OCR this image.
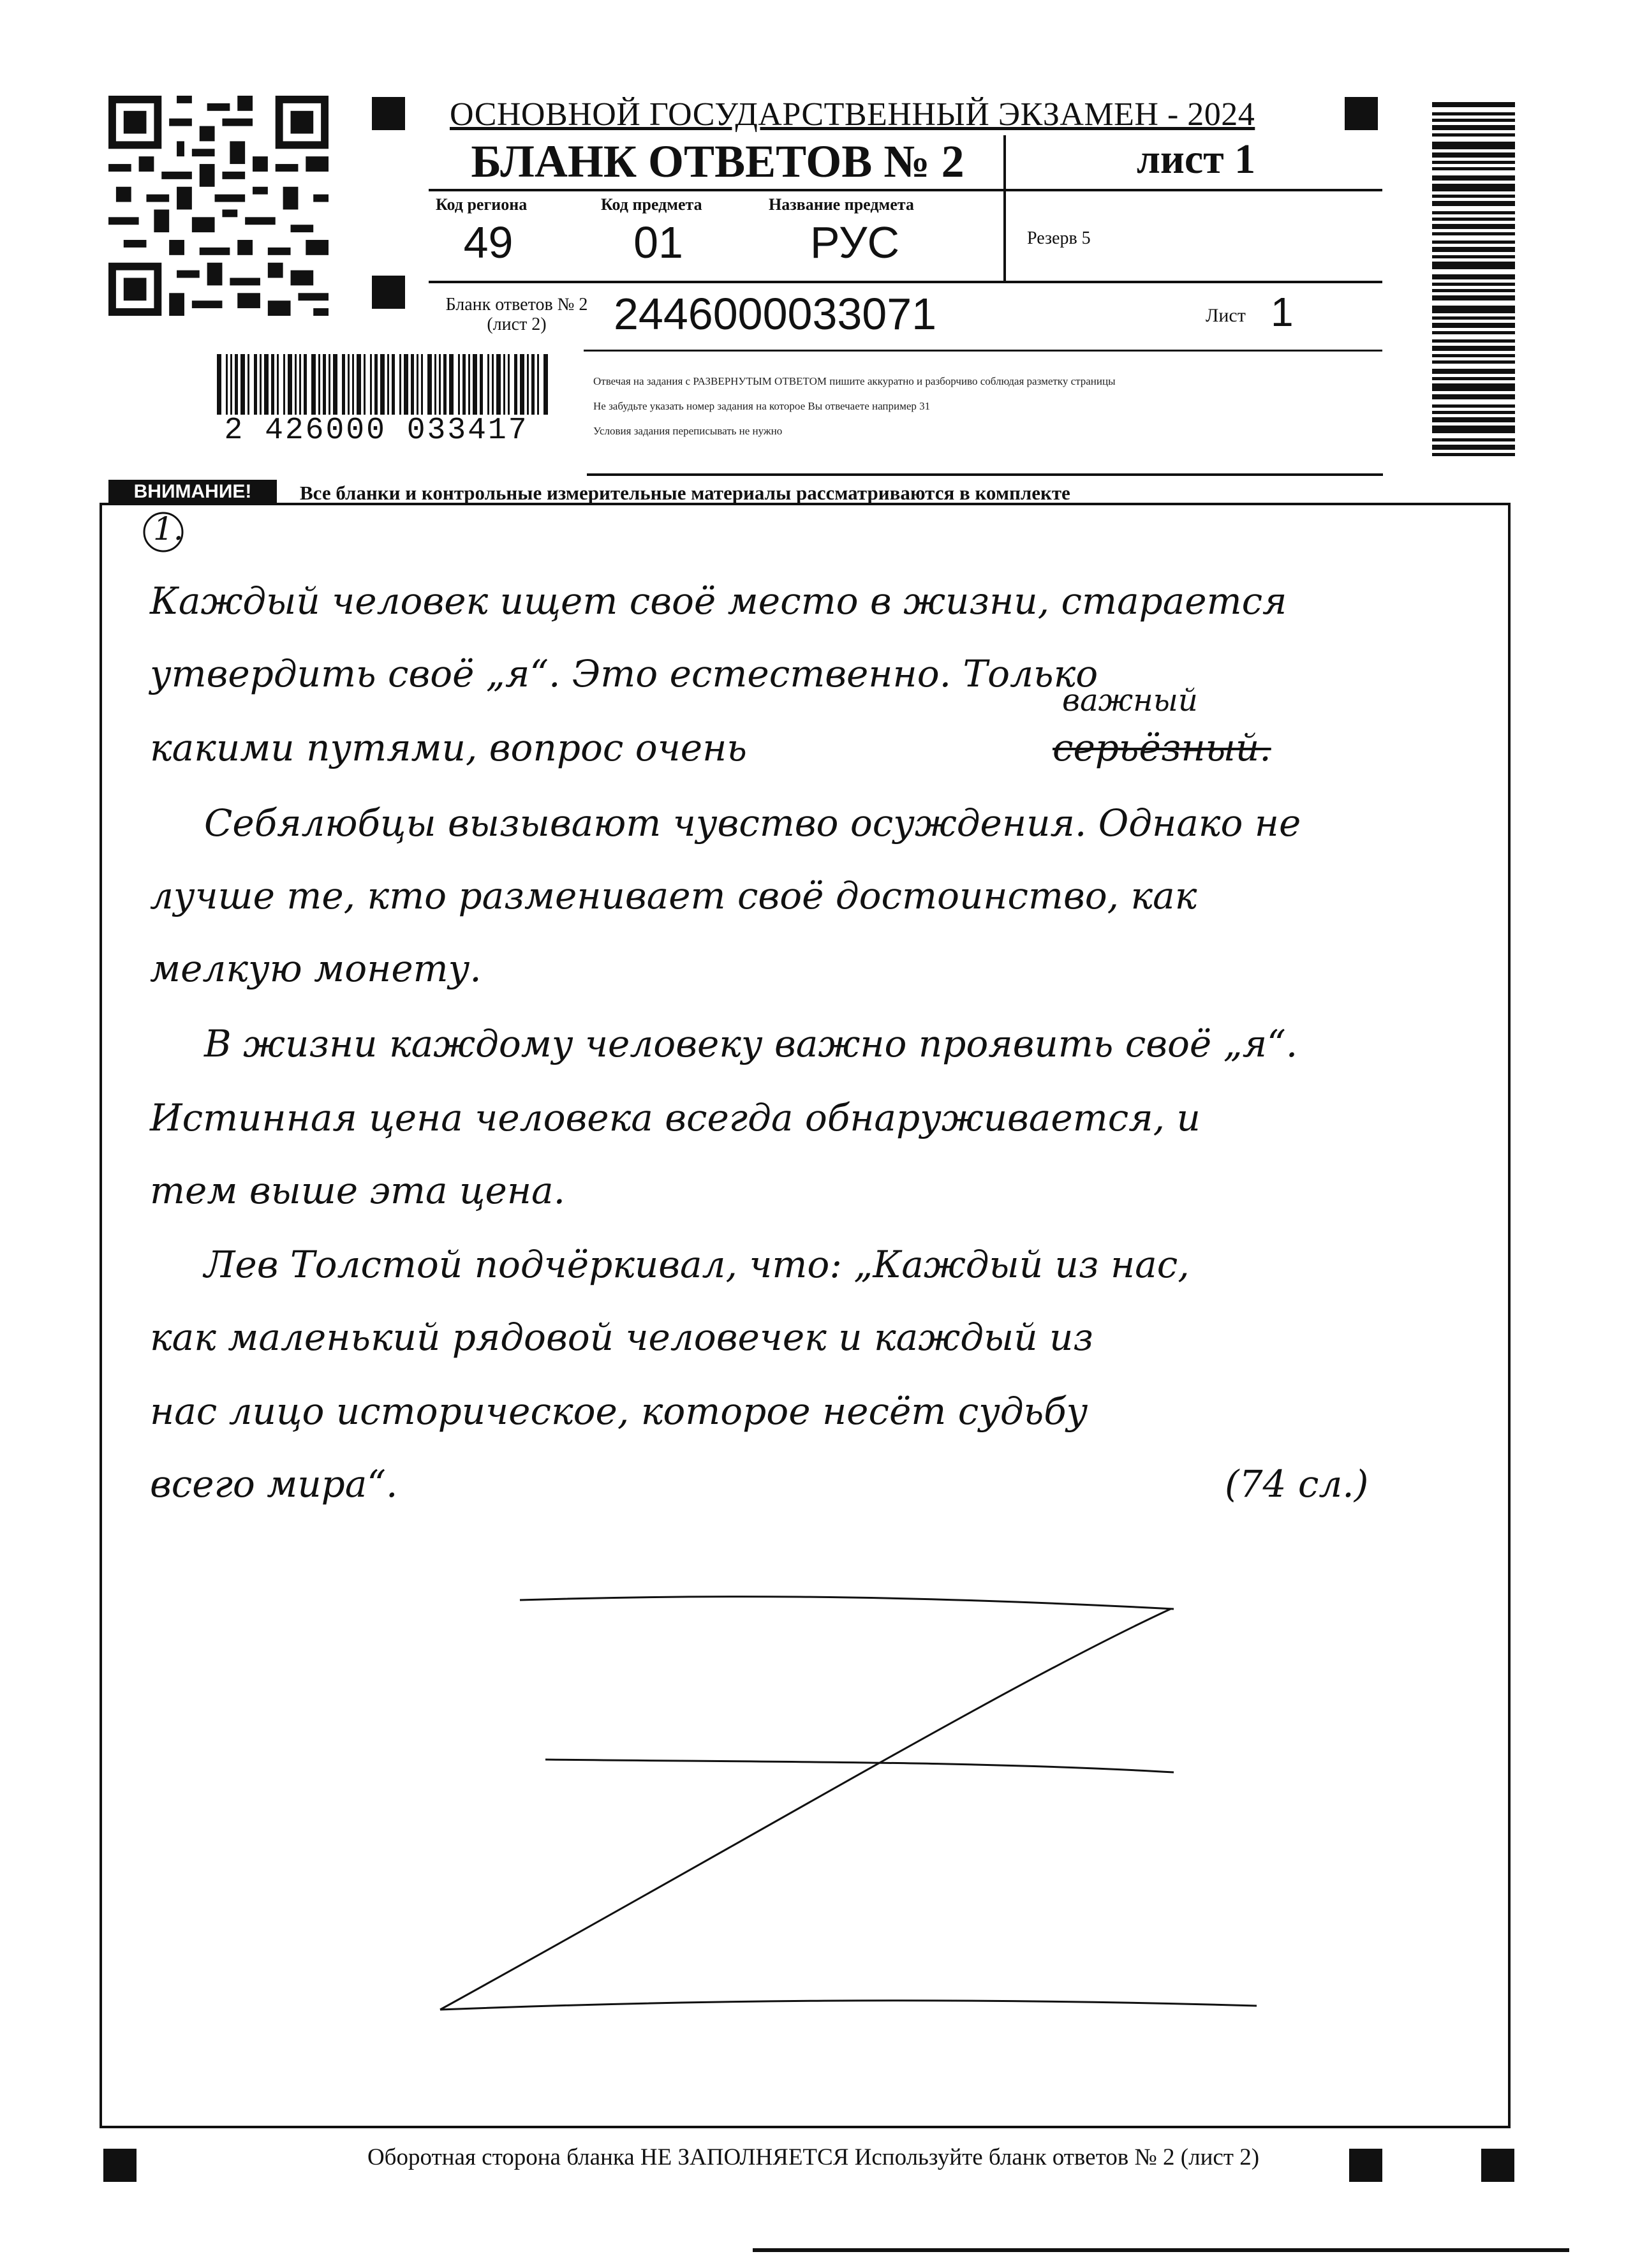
ОСНОВНОЙ ГОСУДАРСТВЕННЫЙ ЭКЗАМЕН - 2024
БЛАНК ОТВЕТОВ № 2	лист 1
Код региона
49
Код предмета
01
Название предмета
РУС	Резерв 5
Бланк ответов № 2 (лист 2)	2446000033071	Лист 1
Отвечая на задания с РАЗВЕРНУТЫМ ОТВЕТОМ пишите аккуратно и разборчиво соблюдая разметку страницы
Не забудьте указать номер задания на которое Вы отвечаете например 31
Условия задания переписывать не нужно
2 426000 033417
ВНИМАНИЕ!	Все бланки и контрольные измерительные материалы рассматриваются в комплекте
1.
Каждый человек ищет своё место в жизни, старается
утвердить своё „я“. Это естественно. Только
какими путями, вопрос очень
важный
серьёзный.
Себялюбцы вызывают чувство осуждения. Однако не
лучше те, кто разменивает своё достоинство, как
мелкую монету.
В жизни каждому человеку важно проявить своё „я“.
Истинная цена человека всегда обнаруживается, и
тем выше эта цена.
Лев Толстой подчёркивал, что: „Каждый из нас,
как маленький рядовой человечек и каждый из
нас лицо историческое, которое несёт судьбу
всего мира“.	(74 сл.)
Оборотная сторона бланка НЕ ЗАПОЛНЯЕТСЯ Используйте бланк ответов № 2 (лист 2)
